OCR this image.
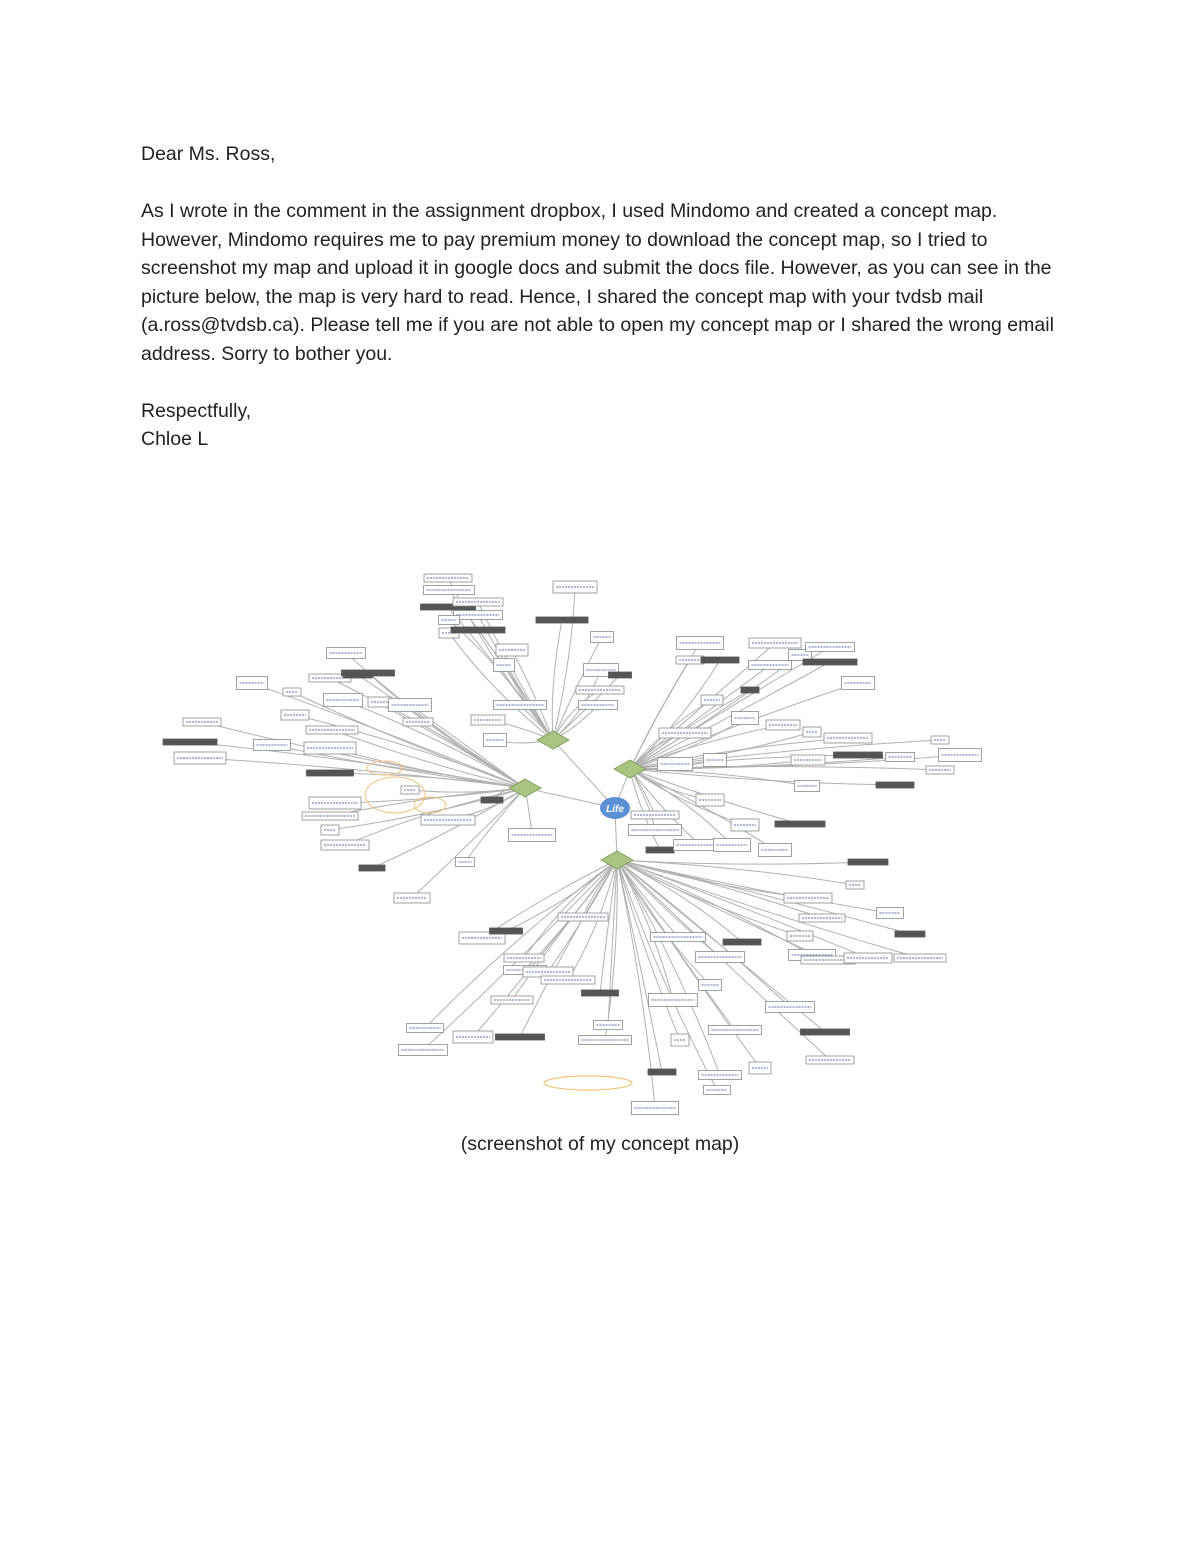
Dear Ms. Ross,

As I wrote in the comment in the assignment dropbox, I used Mindomo and created a concept map. However, Mindomo requires me to pay premium money to download the concept map, so I tried to screenshot my map and upload it in google docs and submit the docs file. However, as you can see in the picture below, the map is very hard to read. Hence, I shared the concept map with your tvdsb mail (a.ross@tvdsb.ca). Please tell me if you are not able to open my concept map or I shared the wrong email address. Sorry to bother you.

Respectfully,

Chloe L

Life
(screenshot of my concept map)
